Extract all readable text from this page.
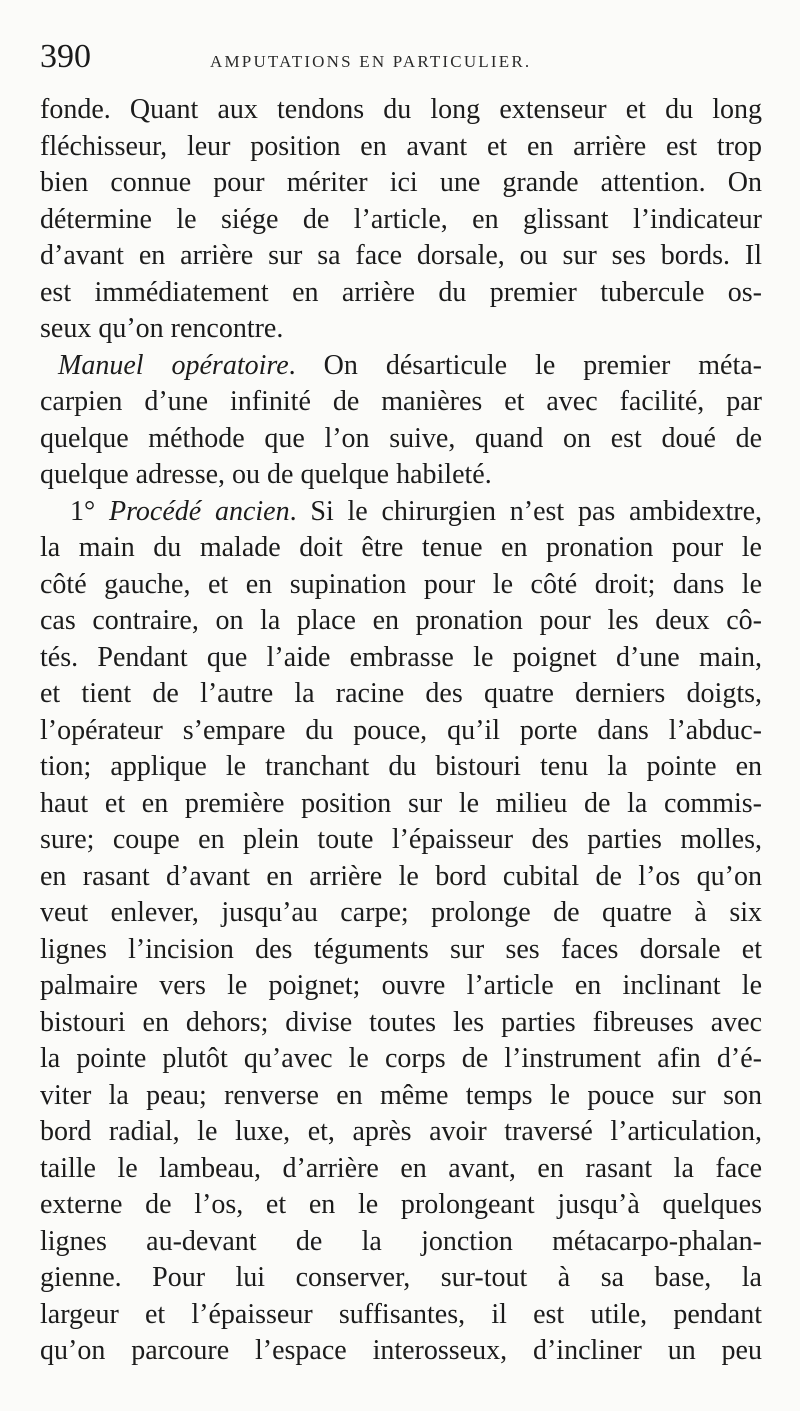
390	AMPUTATIONS EN PARTICULIER.
fonde. Quant aux tendons du long extenseur et du long
fléchisseur, leur position en avant et en arrière est trop
bien connue pour mériter ici une grande attention. On
détermine le siége de l’article, en glissant l’indicateur
d’avant en arrière sur sa face dorsale, ou sur ses bords. Il
est immédiatement en arrière du premier tubercule os-
seux qu’on rencontre.
Manuel opératoire. On désarticule le premier méta-
carpien d’une infinité de manières et avec facilité, par
quelque méthode que l’on suive, quand on est doué de
quelque adresse, ou de quelque habileté.
1° Procédé ancien. Si le chirurgien n’est pas ambidextre,
la main du malade doit être tenue en pronation pour le
côté gauche, et en supination pour le côté droit; dans le
cas contraire, on la place en pronation pour les deux cô-
tés. Pendant que l’aide embrasse le poignet d’une main,
et tient de l’autre la racine des quatre derniers doigts,
l’opérateur s’empare du pouce, qu’il porte dans l’abduc-
tion; applique le tranchant du bistouri tenu la pointe en
haut et en première position sur le milieu de la commis-
sure; coupe en plein toute l’épaisseur des parties molles,
en rasant d’avant en arrière le bord cubital de l’os qu’on
veut enlever, jusqu’au carpe; prolonge de quatre à six
lignes l’incision des téguments sur ses faces dorsale et
palmaire vers le poignet; ouvre l’article en inclinant le
bistouri en dehors; divise toutes les parties fibreuses avec
la pointe plutôt qu’avec le corps de l’instrument afin d’é-
viter la peau; renverse en même temps le pouce sur son
bord radial, le luxe, et, après avoir traversé l’articulation,
taille le lambeau, d’arrière en avant, en rasant la face
externe de l’os, et en le prolongeant jusqu’à quelques
lignes au-devant de la jonction métacarpo-phalan-
gienne. Pour lui conserver, sur-tout à sa base, la
largeur et l’épaisseur suffisantes, il est utile, pendant
qu’on parcoure l’espace interosseux, d’incliner un peu
